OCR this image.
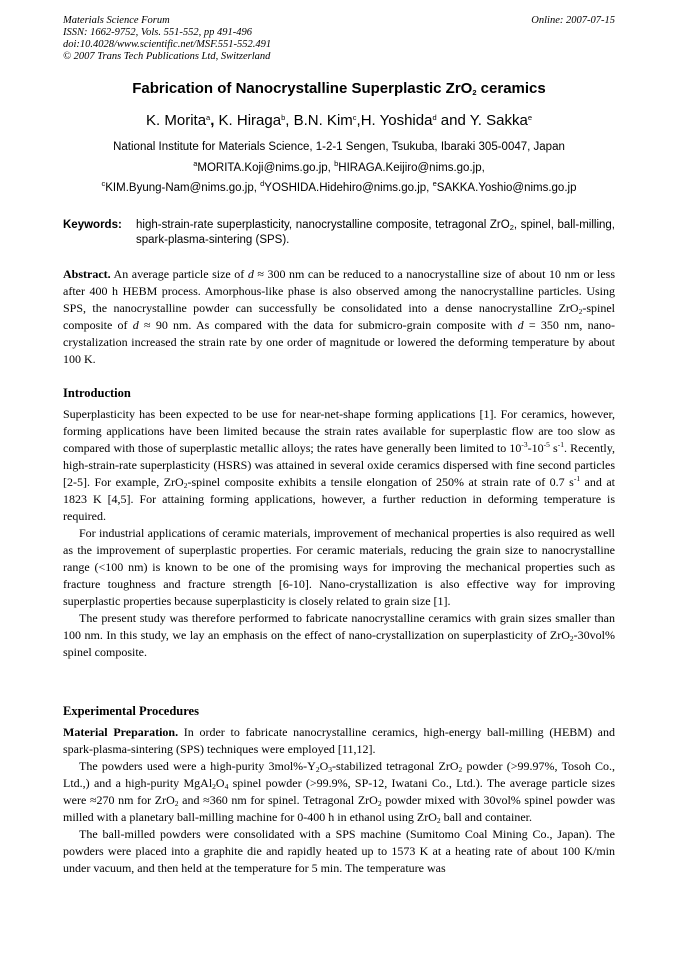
Materials Science Forum
ISSN: 1662-9752, Vols. 551-552, pp 491-496
doi:10.4028/www.scientific.net/MSF.551-552.491
© 2007 Trans Tech Publications Ltd, Switzerland
Online: 2007-07-15
Fabrication of Nanocrystalline Superplastic ZrO$_2$ ceramics
K. Morita$^a$, K. Hiraga$^b$, B.N. Kim$^c$,H. Yoshida$^d$ and Y. Sakka$^e$
National Institute for Materials Science, 1-2-1 Sengen, Tsukuba, Ibaraki 305-0047, Japan
$^a$MORITA.Koji@nims.go.jp, $^b$HIRAGA.Keijiro@nims.go.jp,
$^c$KIM.Byung-Nam@nims.go.jp, $^d$YOSHIDA.Hidehiro@nims.go.jp, $^e$SAKKA.Yoshio@nims.go.jp
Keywords:	high-strain-rate superplasticity, nanocrystalline composite, tetragonal ZrO$_2$, spinel, ball-milling, spark-plasma-sintering (SPS).

Abstract. An average particle size of d ≈ 300 nm can be reduced to a nanocrystalline size of about 10 nm or less after 400 h HEBM process. Amorphous-like phase is also observed among the nanocrystalline particles. Using SPS, the nanocrystalline powder can successfully be consolidated into a dense nanocrystalline ZrO$_2$-spinel composite of d ≈ 90 nm. As compared with the data for submicro-grain composite with d = 350 nm, nano-crystalization increased the strain rate by one order of magnitude or lowered the deforming temperature by about 100 K.

Introduction

Superplasticity has been expected to be use for near-net-shape forming applications [1]. For ceramics, however, forming applications have been limited because the strain rates available for superplastic flow are too slow as compared with those of superplastic metallic alloys; the rates have generally been limited to $10^{-3}-10^{-5}$ $s^{-1}$. Recently, high-strain-rate superplasticity (HSRS) was attained in several oxide ceramics dispersed with fine second particles [2-5]. For example, ZrO$_2$-spinel composite exhibits a tensile elongation of 250% at strain rate of 0.7 $s^{-1}$ and at 1823 K [4,5]. For attaining forming applications, however, a further reduction in deforming temperature is required.

For industrial applications of ceramic materials, improvement of mechanical properties is also required as well as the improvement of superplastic properties. For ceramic materials, reducing the grain size to nanocrystalline range (<100 nm) is known to be one of the promising ways for improving the mechanical properties such as fracture toughness and fracture strength [6-10]. Nano-crystallization is also effective way for improving superplastic properties because superplasticity is closely related to grain size [1].

The present study was therefore performed to fabricate nanocrystalline ceramics with grain sizes smaller than 100 nm. In this study, we lay an emphasis on the effect of nano-crystallization on superplasticity of ZrO$_2$-30vol% spinel composite.

Experimental Procedures

Material Preparation. In order to fabricate nanocrystalline ceramics, high-energy ball-milling (HEBM) and spark-plasma-sintering (SPS) techniques were employed [11,12].

The powders used were a high-purity $3mol\%-Y_2O_3$-stabilized tetragonal ZrO$_2$ powder (>99.97%, Tosoh Co., Ltd.,) and a high-purity $MgAl_2O_4$ spinel powder (>99.9%, SP-12, Iwatani Co., Ltd.). The average particle sizes were ≈270 nm for ZrO$_2$ and ≈360 nm for spinel. Tetragonal ZrO$_2$ powder mixed with 30vol% spinel powder was milled with a planetary ball-milling machine for 0-400 h in ethanol using ZrO$_2$ ball and container.

The ball-milled powders were consolidated with a SPS machine (Sumitomo Coal Mining Co., Japan). The powders were placed into a graphite die and rapidly heated up to 1573 K at a heating rate of about 100 K/min under vacuum, and then held at the temperature for 5 min. The temperature was
